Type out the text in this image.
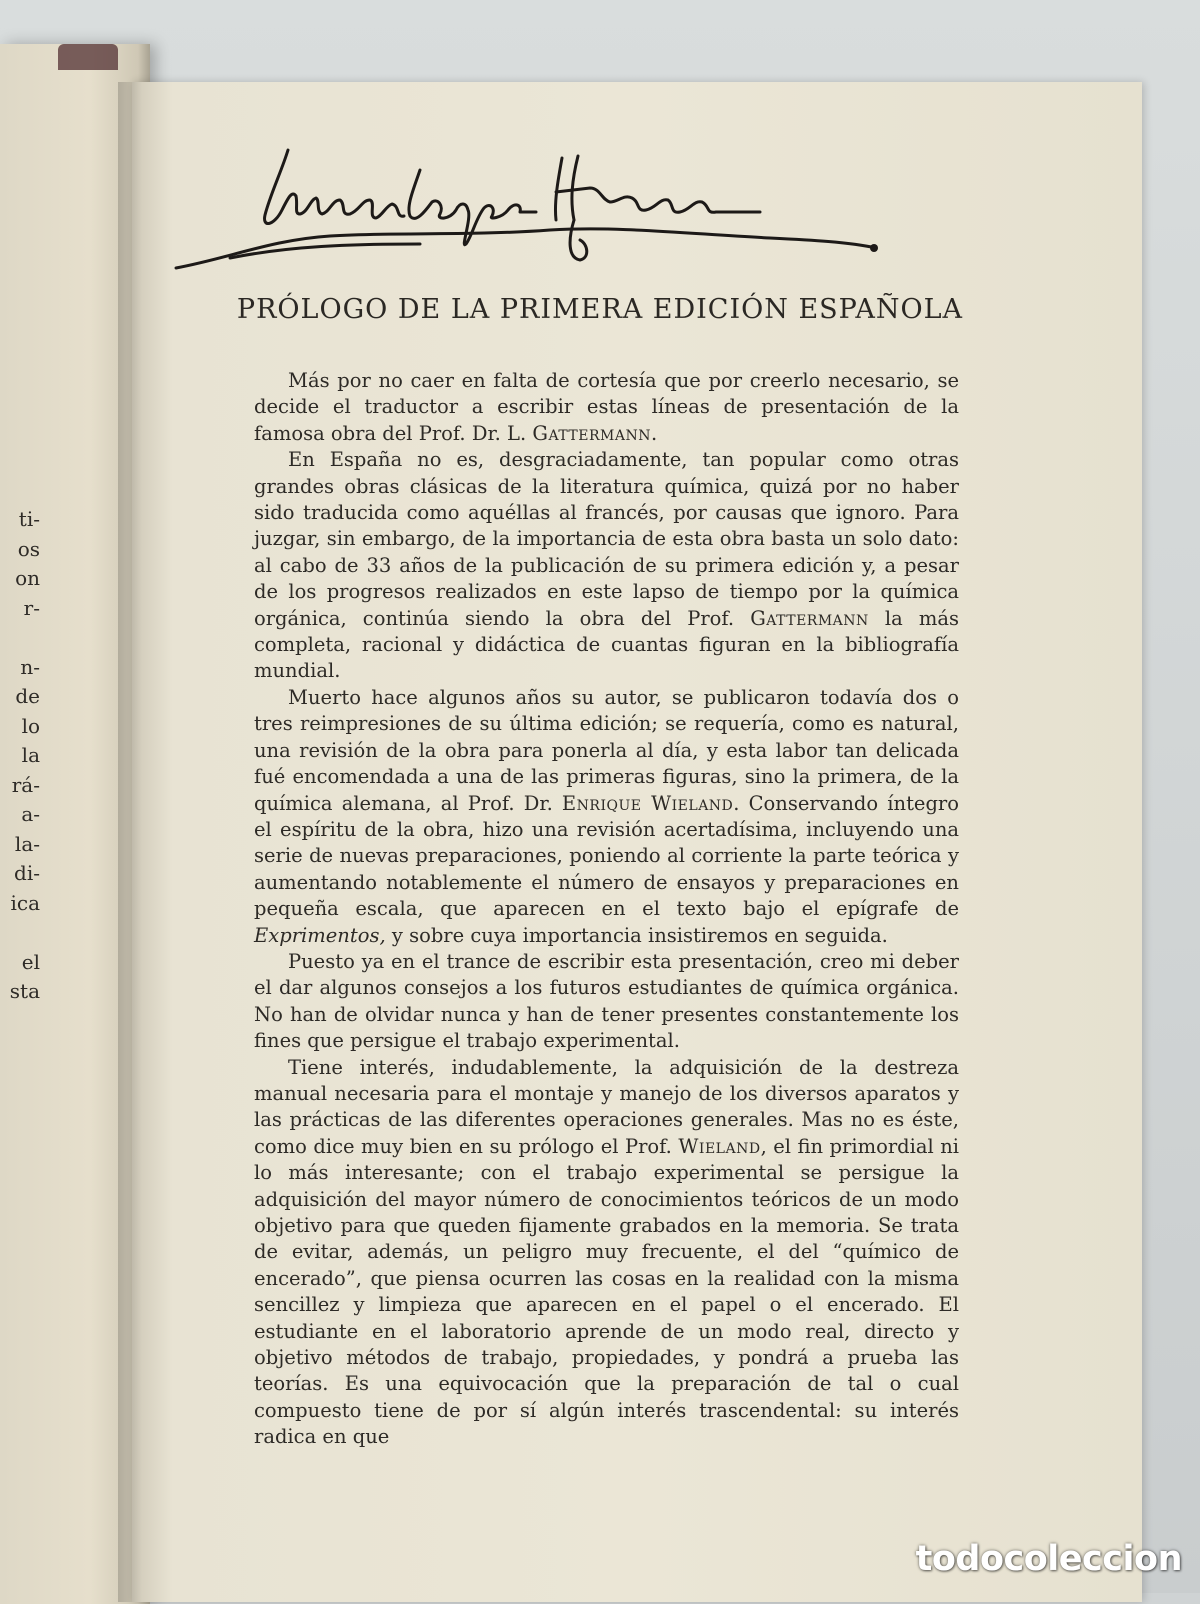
ti-
os
on
r-
n-
de
lo
la
rá-
a-
la-
di-
ica
el
sta
PRÓLOGO DE LA PRIMERA EDICIÓN ESPAÑOLA

Más por no caer en falta de cortesía que por creerlo necesario, se decide el traductor a escribir estas líneas de presentación de la famosa obra del Prof. Dr. L. Gattermann.

En España no es, desgraciadamente, tan popular como otras grandes obras clásicas de la literatura química, quizá por no haber sido traducida como aquéllas al francés, por causas que ignoro. Para juzgar, sin embargo, de la importancia de esta obra basta un solo dato: al cabo de 33 años de la publicación de su primera edición y, a pesar de los progresos realizados en este lapso de tiempo por la química orgánica, continúa siendo la obra del Prof. Gattermann la más completa, racional y didáctica de cuantas figuran en la bibliografía mundial.

Muerto hace algunos años su autor, se publicaron todavía dos o tres reimpresiones de su última edición; se requería, como es natural, una revisión de la obra para ponerla al día, y esta labor tan delicada fué encomendada a una de las primeras figuras, sino la primera, de la química alemana, al Prof. Dr. Enrique Wieland. Conservando íntegro el espíritu de la obra, hizo una revisión acertadísima, incluyendo una serie de nuevas preparaciones, poniendo al corriente la parte teórica y aumentando notablemente el número de ensayos y preparaciones en pequeña escala, que aparecen en el texto bajo el epígrafe de Exprimentos, y sobre cuya importancia insistiremos en seguida.

Puesto ya en el trance de escribir esta presentación, creo mi deber el dar algunos consejos a los futuros estudiantes de química orgánica. No han de olvidar nunca y han de tener presentes constantemente los fines que persigue el trabajo experimental.

Tiene interés, indudablemente, la adquisición de la destreza manual necesaria para el montaje y manejo de los diversos aparatos y las prácticas de las diferentes operaciones generales. Mas no es éste, como dice muy bien en su prólogo el Prof. Wieland, el fin primordial ni lo más interesante; con el trabajo experimental se persigue la adquisición del mayor número de conocimientos teóricos de un modo objetivo para que queden fijamente grabados en la memoria. Se trata de evitar, además, un peligro muy frecuente, el del “químico de encerado”, que piensa ocurren las cosas en la realidad con la misma sencillez y limpieza que aparecen en el papel o el encerado. El estudiante en el laboratorio aprende de un modo real, directo y objetivo métodos de trabajo, propiedades, y pondrá a prueba las teorías. Es una equivocación que la preparación de tal o cual compuesto tiene de por sí algún interés trascendental: su interés radica en que

todocoleccion
